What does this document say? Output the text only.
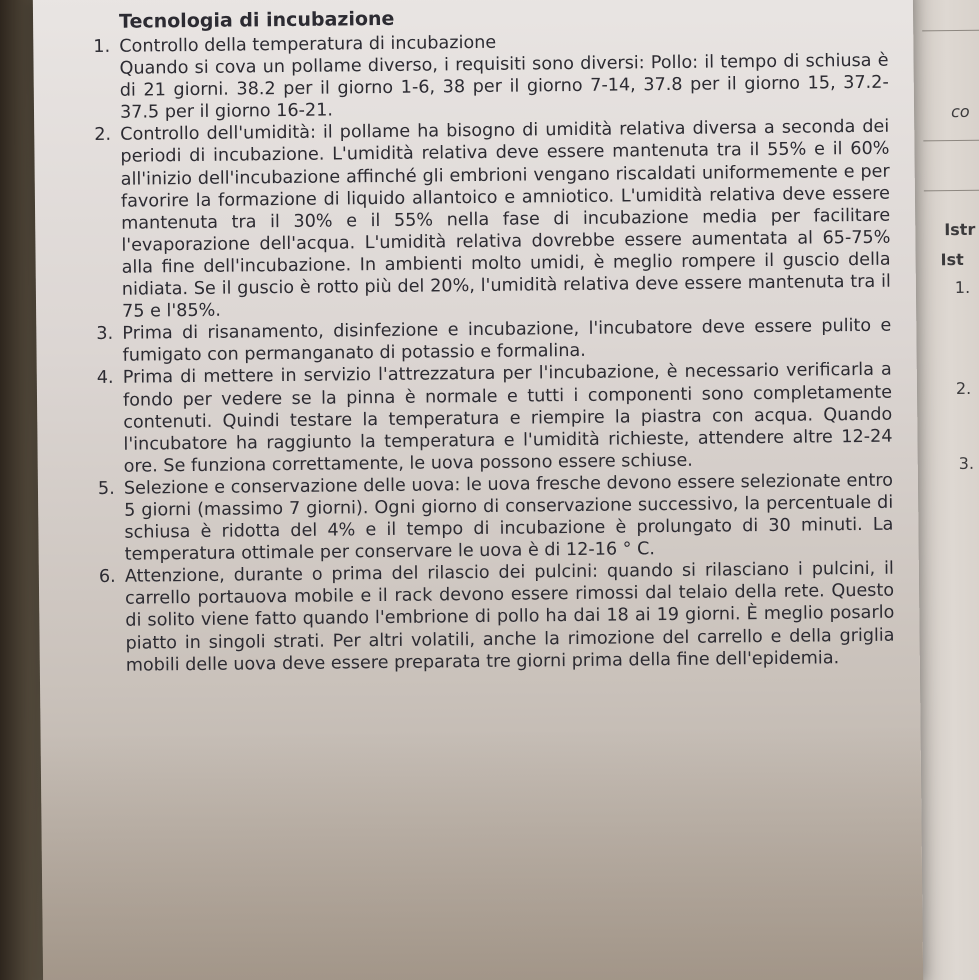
co
Istr
Ist
1.
2.
3.
Tecnologia di incubazione
1. Controllo della temperatura di incubazione
Quando si cova un pollame diverso, i requisiti sono diversi: Pollo: il tempo di schiusa è di 21 giorni. 38.2 per il giorno 1-6, 38 per il giorno 7-14, 37.8 per il giorno 15, 37.2-37.5 per il giorno 16-21.
2. Controllo dell'umidità: il pollame ha bisogno di umidità relativa diversa a seconda dei periodi di incubazione. L'umidità relativa deve essere mantenuta tra il 55% e il 60% all'inizio dell'incubazione affinché gli embrioni vengano riscaldati uniformemente e per favorire la formazione di liquido allantoico e amniotico. L'umidità relativa deve essere mantenuta tra il 30% e il 55% nella fase di incubazione media per facilitare l'evaporazione dell'acqua. L'umidità relativa dovrebbe essere aumentata al 65-75% alla fine dell'incubazione. In ambienti molto umidi, è meglio rompere il guscio della nidiata. Se il guscio è rotto più del 20%, l'umidità relativa deve essere mantenuta tra il 75 e l'85%.
3. Prima di risanamento, disinfezione e incubazione, l'incubatore deve essere pulito e fumigato con permanganato di potassio e formalina.
4. Prima di mettere in servizio l'attrezzatura per l'incubazione, è necessario verificarla a fondo per vedere se la pinna è normale e tutti i componenti sono completamente contenuti. Quindi testare la temperatura e riempire la piastra con acqua. Quando l'incubatore ha raggiunto la temperatura e l'umidità richieste, attendere altre 12-24 ore. Se funziona correttamente, le uova possono essere schiuse.
5. Selezione e conservazione delle uova: le uova fresche devono essere selezionate entro 5 giorni (massimo 7 giorni). Ogni giorno di conservazione successivo, la percentuale di schiusa è ridotta del 4% e il tempo di incubazione è prolungato di 30 minuti. La temperatura ottimale per conservare le uova è di 12-16 ° C.
6. Attenzione, durante o prima del rilascio dei pulcini: quando si rilasciano i pulcini, il carrello portauova mobile e il rack devono essere rimossi dal telaio della rete. Questo di solito viene fatto quando l'embrione di pollo ha dai 18 ai 19 giorni. È meglio posarlo piatto in singoli strati. Per altri volatili, anche la rimozione del carrello e della griglia mobili delle uova deve essere preparata tre giorni prima della fine dell'epidemia.
